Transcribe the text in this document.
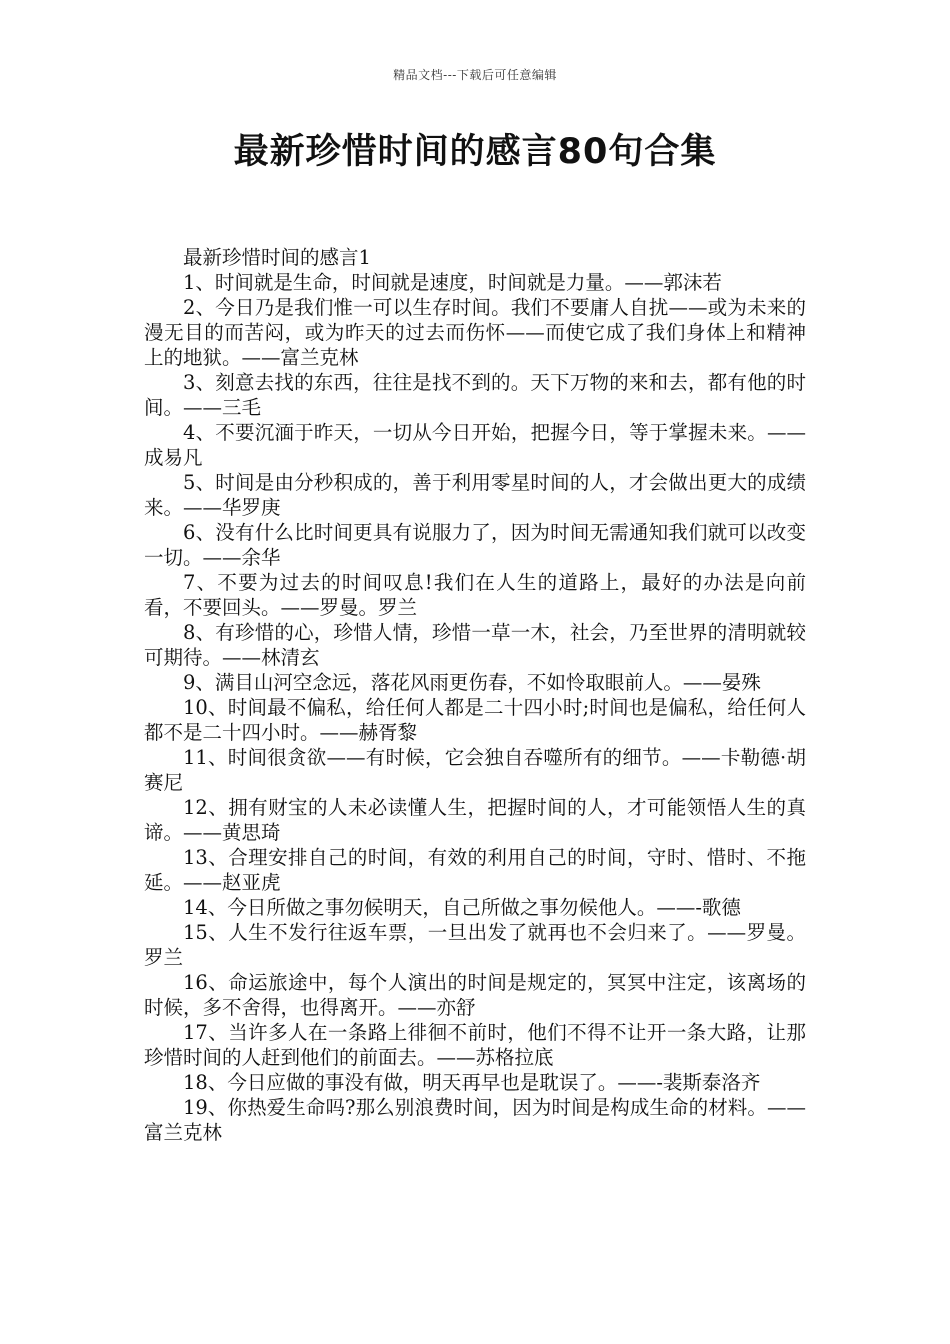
精品文档---下载后可任意编辑
最新珍惜时间的感言80句合集

最新珍惜时间的感言1

1、时间就是生命，时间就是速度，时间就是力量。——郭沫若

2、今日乃是我们惟一可以生存时间。我们不要庸人自扰——或为未来的漫无目的而苦闷，或为昨天的过去而伤怀——而使它成了我们身体上和精神上的地狱。——富兰克林

3、刻意去找的东西，往往是找不到的。天下万物的来和去，都有他的时间。——三毛

4、不要沉湎于昨天，一切从今日开始，把握今日，等于掌握未来。——成易凡

5、时间是由分秒积成的，善于利用零星时间的人，才会做出更大的成绩来。——华罗庚

6、没有什么比时间更具有说服力了，因为时间无需通知我们就可以改变一切。——余华

7、不要为过去的时间叹息!我们在人生的道路上，最好的办法是向前看，不要回头。——罗曼。罗兰

8、有珍惜的心，珍惜人情，珍惜一草一木，社会，乃至世界的清明就较可期待。——林清玄

9、满目山河空念远，落花风雨更伤春，不如怜取眼前人。——晏殊

10、时间最不偏私，给任何人都是二十四小时;时间也是偏私，给任何人都不是二十四小时。——赫胥黎

11、时间很贪欲——有时候，它会独自吞噬所有的细节。——卡勒德·胡赛尼

12、拥有财宝的人未必读懂人生，把握时间的人，才可能领悟人生的真谛。——黄思琦

13、合理安排自己的时间，有效的利用自己的时间，守时、惜时、不拖延。——赵亚虎

14、今日所做之事勿候明天，自己所做之事勿候他人。——-歌德

15、人生不发行往返车票，一旦出发了就再也不会归来了。——罗曼。罗兰

16、命运旅途中，每个人演出的时间是规定的，冥冥中注定，该离场的时候，多不舍得，也得离开。——亦舒

17、当许多人在一条路上徘徊不前时，他们不得不让开一条大路，让那珍惜时间的人赶到他们的前面去。——苏格拉底

18、今日应做的事没有做，明天再早也是耽误了。——-裴斯泰洛齐

19、你热爱生命吗?那么别浪费时间，因为时间是构成生命的材料。——富兰克林
